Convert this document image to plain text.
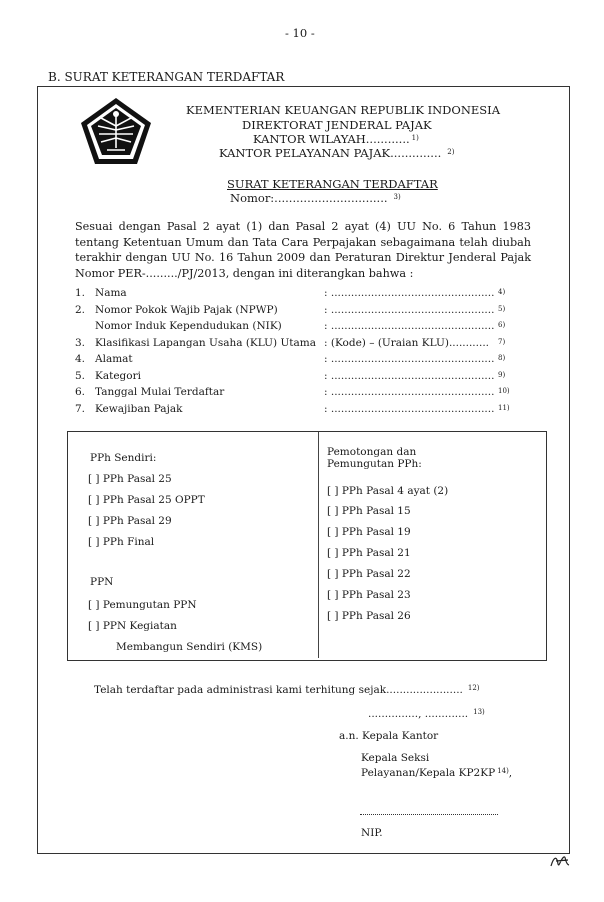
- 10 -
B. SURAT KETERANGAN TERDAFTAR
KEMENTERIAN KEUANGAN REPUBLIK INDONESIA
DIREKTORAT JENDERAL PAJAK
KANTOR WILAYAH............ $^{1)}$
KANTOR PELAYANAN PAJAK.............. $^{2)}$
SURAT KETERANGAN TERDAFTAR
Nomor:............................... $^{3)}$
Sesuai dengan Pasal 2 ayat (1) dan Pasal 2 ayat (4) UU No. 6 Tahun 1983 tentang Ketentuan Umum dan Tata Cara Perpajakan sebagaimana telah diubah terakhir dengan UU No. 16 Tahun 2009 dan Peraturan Direktur Jenderal Pajak Nomor PER-........./PJ/2013, dengan ini diterangkan bahwa :
1. Nama	: ................................................. 4)
2. Nomor Pokok Wajib Pajak (NPWP)	: ................................................. 5)
Nomor Induk Kependudukan (NIK)	: ................................................. 6)
3. Klasifikasi Lapangan Usaha (KLU) Utama : (Kode) – (Uraian KLU)............ 7)
4. Alamat	: ................................................. 8)
5. Kategori	: ................................................. 9)
6. Tanggal Mulai Terdaftar	: ................................................. 10)
7. Kewajiban Pajak	: ................................................. 11)
PPh Sendiri:
[ ] PPh Pasal 25
[ ] PPh Pasal 25 OPPT
[ ] PPh Pasal 29
[ ] PPh Final
PPN
[ ] Pemungutan PPN
[ ] PPN Kegiatan
Membangun Sendiri (KMS)
Pemotongan dan
Pemungutan PPh:
[ ] PPh Pasal 4 ayat (2)
[ ] PPh Pasal 15
[ ] PPh Pasal 19
[ ] PPh Pasal 21
[ ] PPh Pasal 22
[ ] PPh Pasal 23
[ ] PPh Pasal 26
Telah terdaftar pada administrasi kami terhitung sejak....................... $^{12)}$
..............., ............. $^{13)}$
a.n. Kepala Kantor
Kepala Seksi
Pelayanan/Kepala KP2KP $^{14)}$,
NIP.
